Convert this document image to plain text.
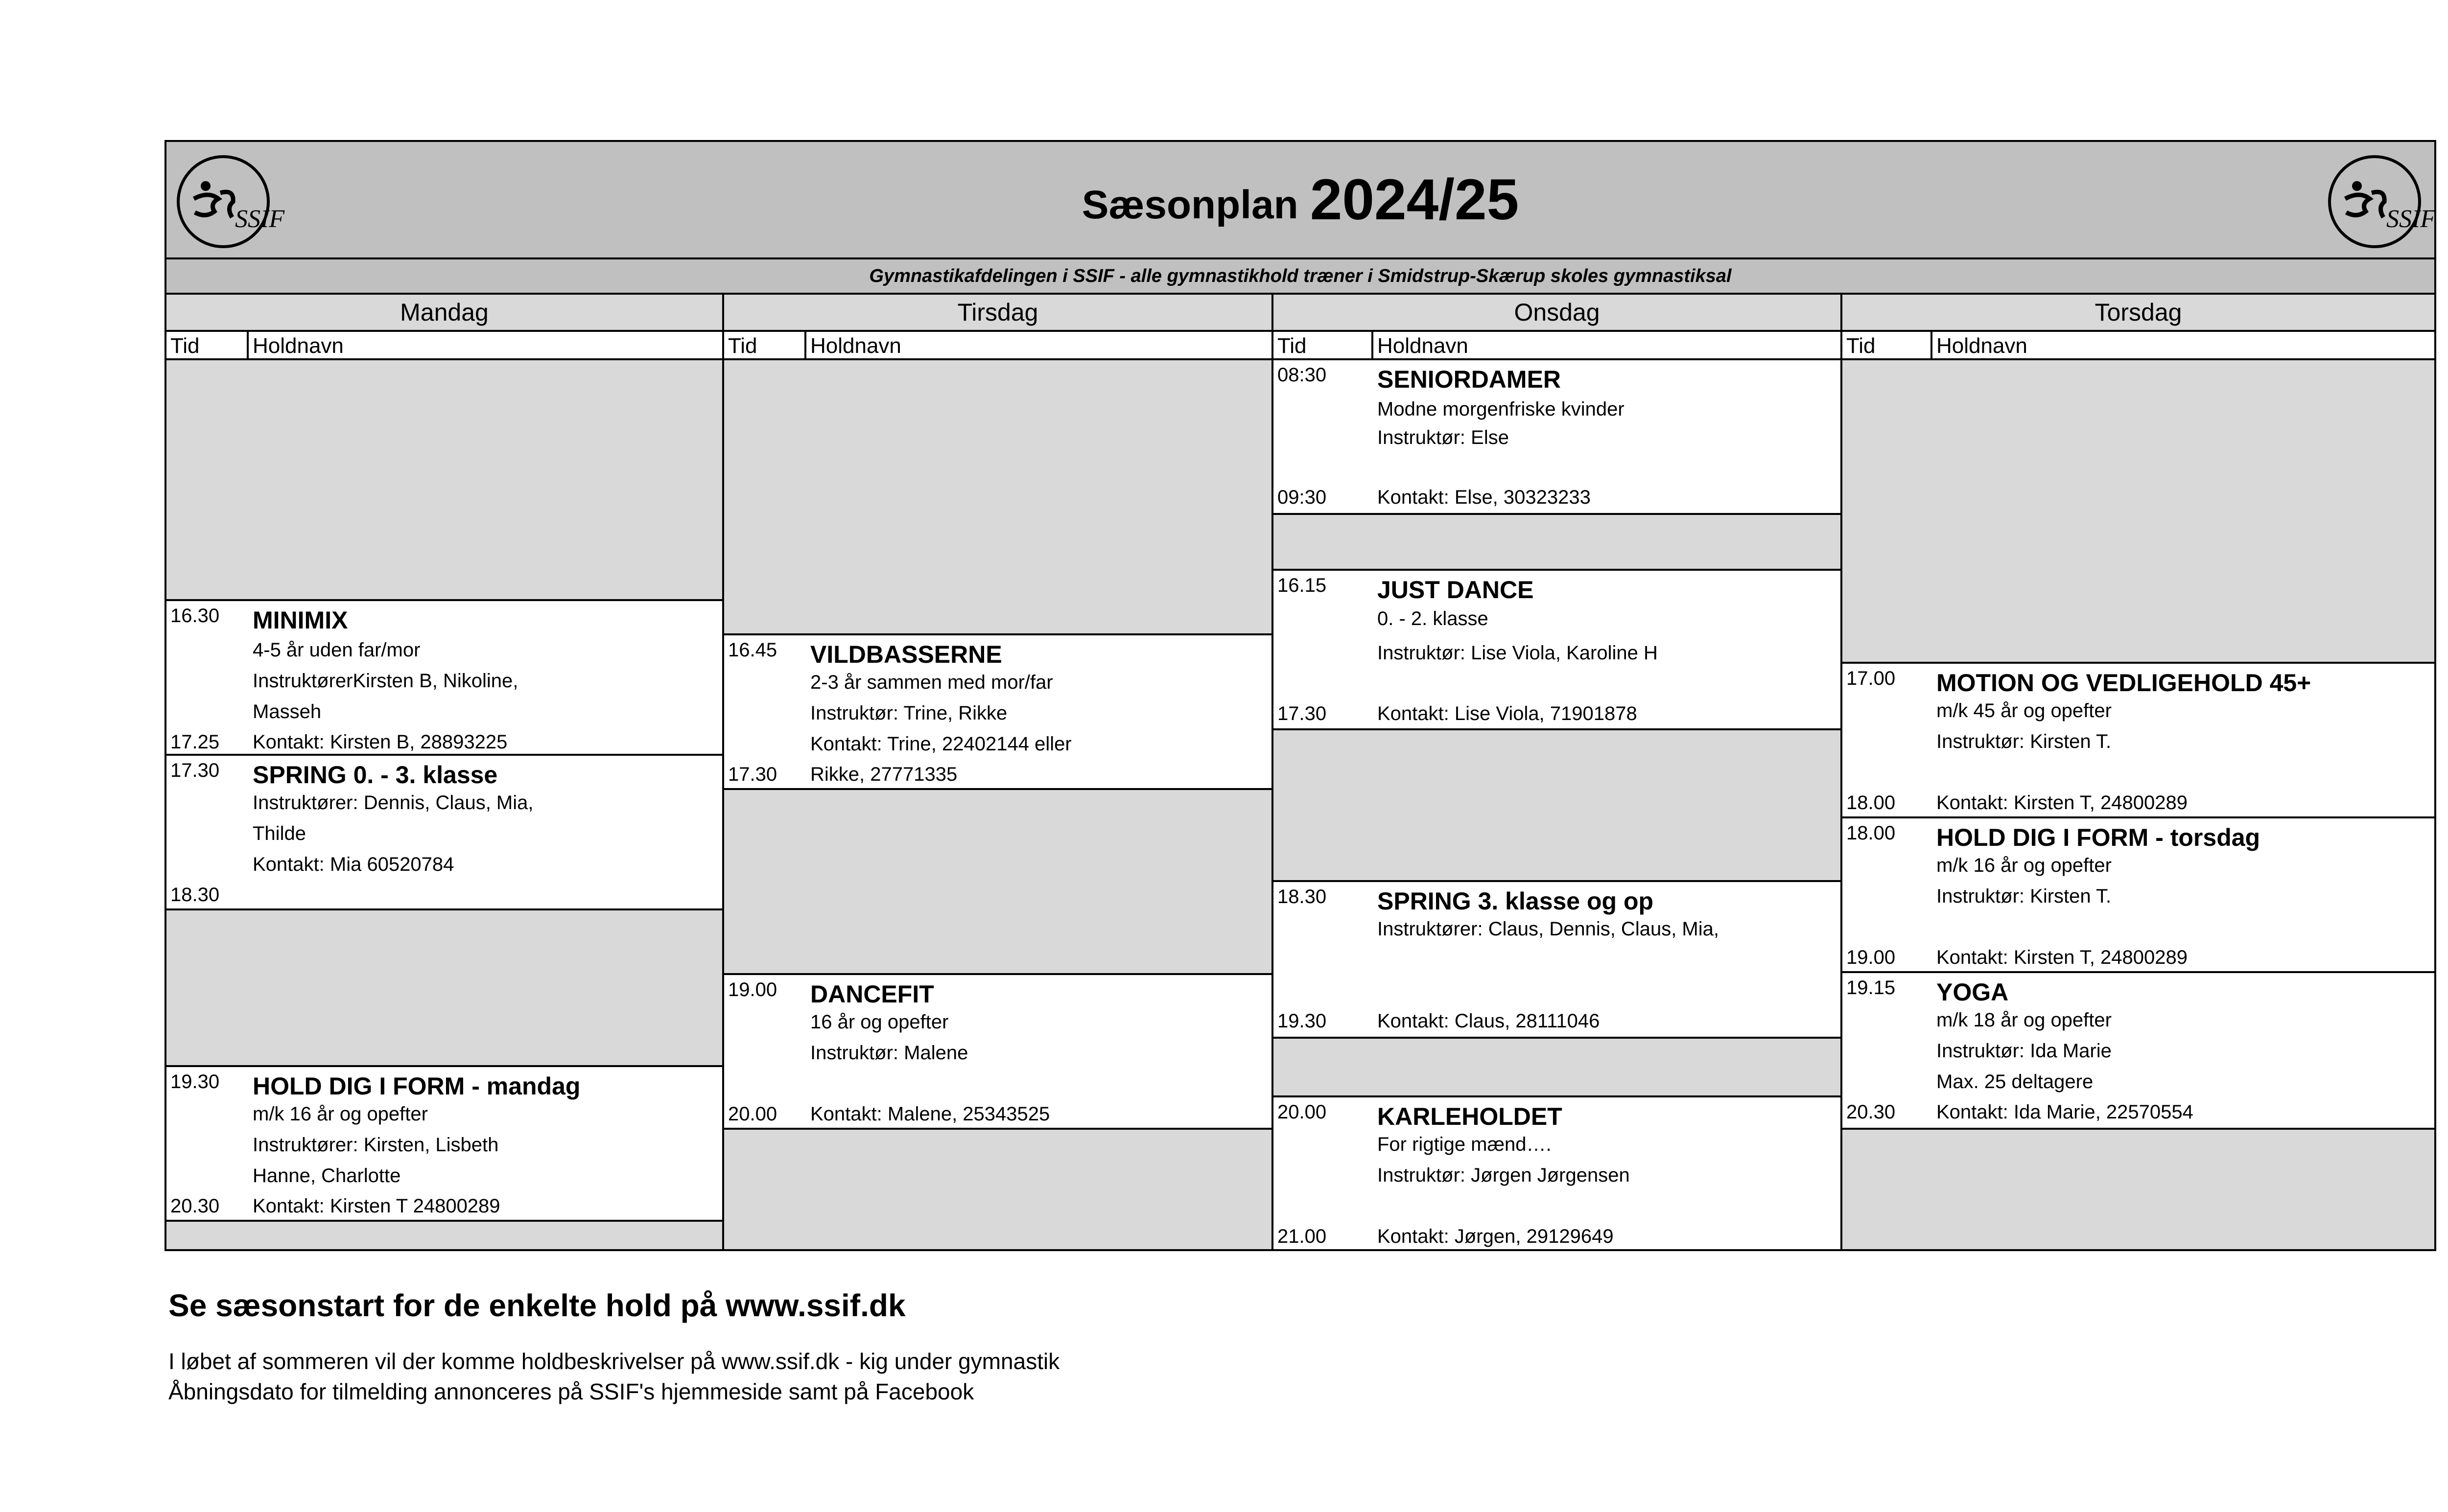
Sæsonplan 2024/25
SSIF	SSIF
Gymnastikafdelingen i SSIF - alle gymnastikhold træner i Smidstrup-Skærup skoles gymnastiksal
Mandag
Tid Holdnavn
16.30 MINIMIX
4-5 år uden far/mor
InstruktørerKirsten B, Nikoline,
Masseh
17.25 Kontakt: Kirsten B, 28893225
17.30 SPRING 0. - 3. klasse
Instruktører: Dennis, Claus, Mia,
Thilde
Kontakt: Mia 60520784
18.30
19.30 HOLD DIG I FORM - mandag
m/k 16 år og opefter
Instruktører: Kirsten, Lisbeth
Hanne, Charlotte
20.30 Kontakt: Kirsten T 24800289
Tirsdag
Tid Holdnavn
16.45 VILDBASSERNE
2-3 år sammen med mor/far
Instruktør: Trine, Rikke
Kontakt: Trine, 22402144 eller
17.30 Rikke, 27771335
19.00 DANCEFIT
16 år og opefter
Instruktør: Malene
20.00 Kontakt: Malene, 25343525
Onsdag
Tid	Holdnavn
08:30 SENIORDAMER
Modne morgenfriske kvinder
Instruktør: Else
09:30	Kontakt: Else, 30323233
16.15 JUST DANCE
0. - 2. klasse
Instruktør: Lise Viola, Karoline H
17.30	Kontakt: Lise Viola, 71901878
18.30 SPRING 3. klasse og op
Instruktører: Claus, Dennis, Claus, Mia,
19.30	Kontakt: Claus, 28111046
20.00 KARLEHOLDET
For rigtige mænd….
Instruktør: Jørgen Jørgensen
21.00	Kontakt: Jørgen, 29129649
Torsdag
Tid	Holdnavn
17.00 MOTION OG VEDLIGEHOLD 45+
m/k 45 år og opefter
Instruktør: Kirsten T.
18.00 Kontakt: Kirsten T, 24800289
18.00 HOLD DIG I FORM - torsdag
m/k 16 år og opefter
Instruktør: Kirsten T.
19.00 Kontakt: Kirsten T, 24800289
19.15 YOGA
m/k 18 år og opefter
Instruktør: Ida Marie
Max. 25 deltagere
20.30 Kontakt: Ida Marie, 22570554
Se sæsonstart for de enkelte hold på www.ssif.dk
I løbet af sommeren vil der komme holdbeskrivelser på www.ssif.dk - kig under gymnastik
Åbningsdato for tilmelding annonceres på SSIF's hjemmeside samt på Facebook
